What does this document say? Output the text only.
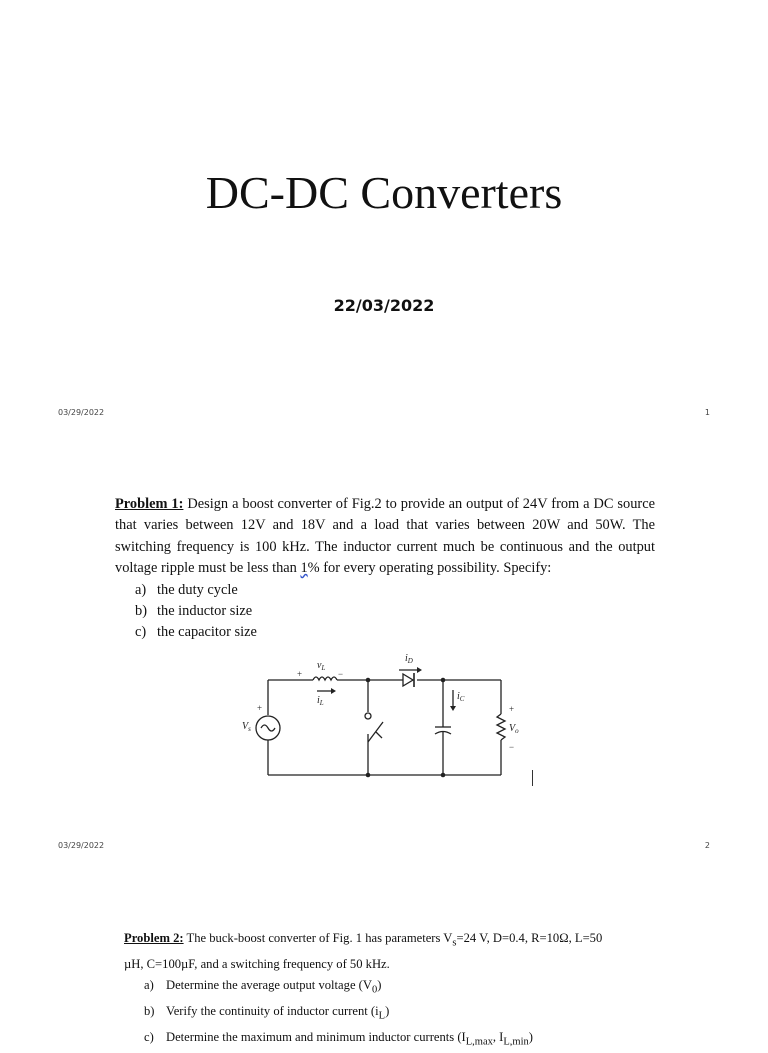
DC-DC Converters
22/03/2022
03/29/2022	1
Problem 1: Design a boost converter of Fig.2 to provide an output of 24V from a DC source that varies between 12V and 18V and a load that varies between 20W and 50W. The switching frequency is 100 kHz. The inductor current much be continuous and the output voltage ripple must be less than 1% for every operating possibility. Specify:
a) the duty cycle
b) the inductor size
c) the capacitor size
$v_L$
$i_L$
$i_D$
$i_C$
$V_s$	$V_o$
+	−
+	+
−
03/29/2022	2
Problem 2: The buck-boost converter of Fig. 1 has parameters $V_s=24$ V, D=0.4, R=10Ω, L=50 µH, C=100µF, and a switching frequency of 50 kHz.
a) Determine the average output voltage $(V_0)$
b) Verify the continuity of inductor current $(i_L)$
c) Determine the maximum and minimum inductor currents ($I_{L,max}$, $I_{L,min}$)
